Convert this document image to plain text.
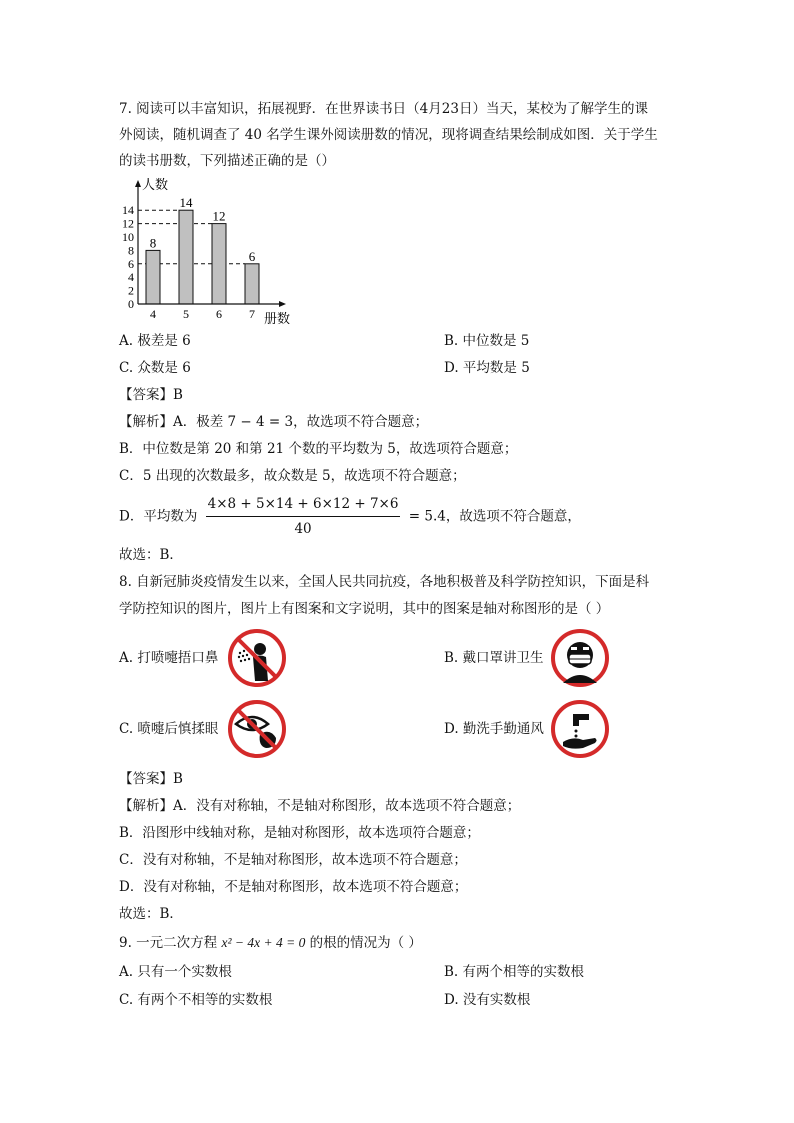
7. 阅读可以丰富知识，拓展视野．在世界读书日（4月23日）当天，某校为了解学生的课
外阅读，随机调查了 40 名学生课外阅读册数的情况，现将调查结果绘制成如图．关于学生
的读书册数，下列描述正确的是（）
8
4
14
5
12
6
6
7
0
2
4
6
8
10
12
14
人数
册数
A. 极差是 6	B. 中位数是 5
C. 众数是 6	D. 平均数是 5
【答案】B
【解析】A．极差 7 − 4 = 3，故选项不符合题意；
B．中位数是第 20 和第 21 个数的平均数为 5，故选项符合题意；
C．5 出现的次数最多，故众数是 5，故选项不符合题意；
D．平均数为 $\frac{4\times 8 + 5\times 14 + 6\times 12 + 7\times 6}{40} = 5.4$，故选项不符合题意，
故选：B．
8. 自新冠肺炎疫情发生以来，全国人民共同抗疫，各地积极普及科学防控知识，下面是科
学防控知识的图片，图片上有图案和文字说明，其中的图案是轴对称图形的是（ ）
A. 打喷嚏捂口鼻	B. 戴口罩讲卫生
C. 喷嚏后慎揉眼	D. 勤洗手勤通风
【答案】B
【解析】A．没有对称轴，不是轴对称图形，故本选项不符合题意；
B．沿图形中线轴对称，是轴对称图形，故本选项符合题意；
C．没有对称轴，不是轴对称图形，故本选项不符合题意；
D．没有对称轴，不是轴对称图形，故本选项不符合题意；
故选：B．
9. 一元二次方程 x² − 4x + 4 = 0 的根的情况为（ ）
A. 只有一个实数根	B. 有两个相等的实数根
C. 有两个不相等的实数根	D. 没有实数根
